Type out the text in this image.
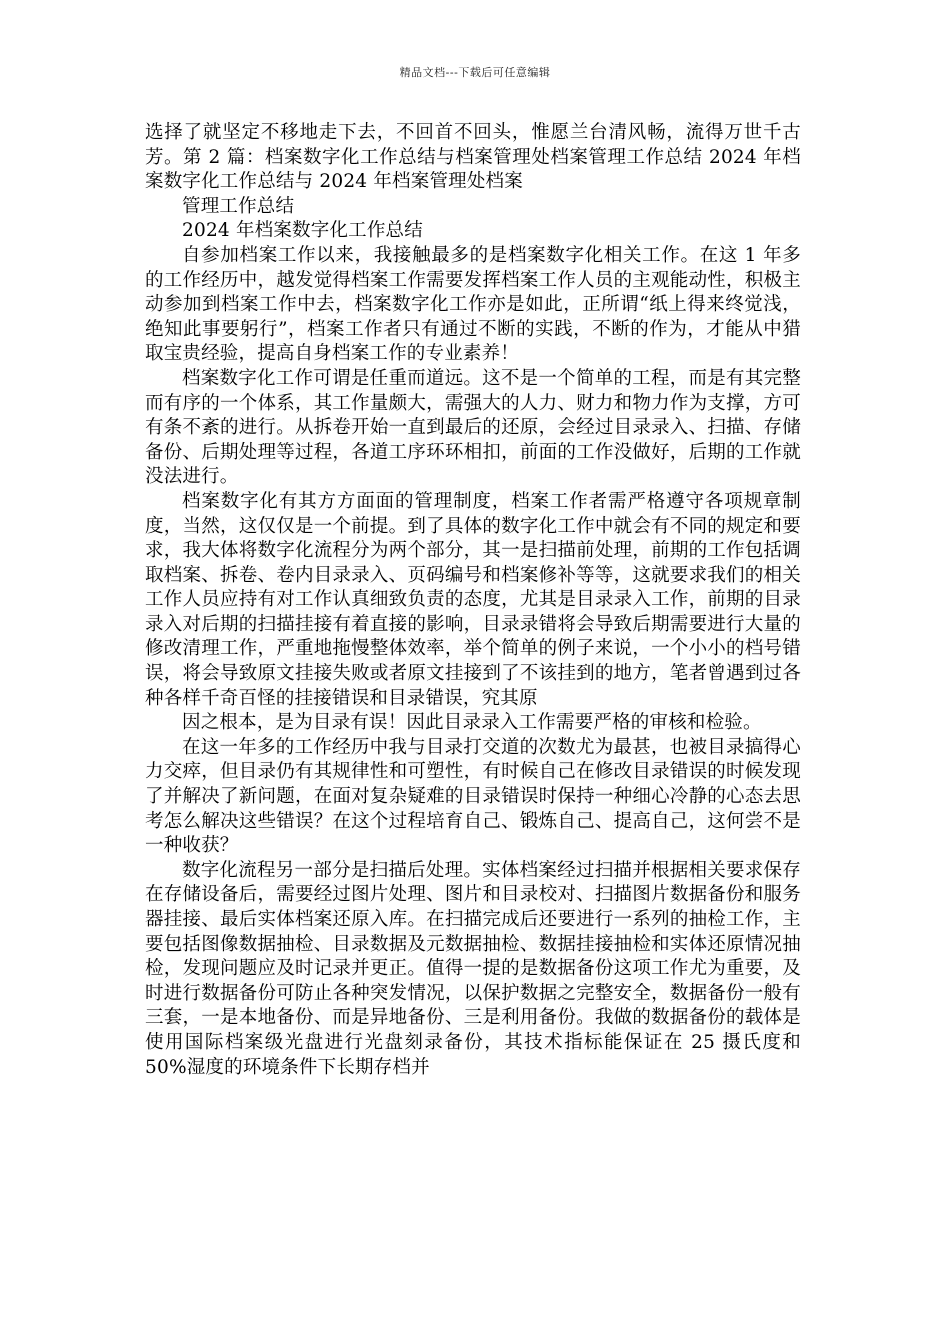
精品文档---下载后可任意编辑

选择了就坚定不移地走下去，不回首不回头，惟愿兰台清风畅，流得万世千古芳。第 2 篇：档案数字化工作总结与档案管理处档案管理工作总结 2024 年档案数字化工作总结与 2024 年档案管理处档案

管理工作总结

2024 年档案数字化工作总结

自参加档案工作以来，我接触最多的是档案数字化相关工作。在这 1 年多的工作经历中，越发觉得档案工作需要发挥档案工作人员的主观能动性，积极主动参加到档案工作中去，档案数字化工作亦是如此，正所谓“纸上得来终觉浅，绝知此事要躬行”，档案工作者只有通过不断的实践，不断的作为，才能从中猎取宝贵经验，提高自身档案工作的专业素养！

档案数字化工作可谓是任重而道远。这不是一个简单的工程，而是有其完整而有序的一个体系，其工作量颇大，需强大的人力、财力和物力作为支撑，方可有条不紊的进行。从拆卷开始一直到最后的还原，会经过目录录入、扫描、存储备份、后期处理等过程，各道工序环环相扣，前面的工作没做好，后期的工作就没法进行。

档案数字化有其方方面面的管理制度，档案工作者需严格遵守各项规章制度，当然，这仅仅是一个前提。到了具体的数字化工作中就会有不同的规定和要求，我大体将数字化流程分为两个部分，其一是扫描前处理，前期的工作包括调取档案、拆卷、卷内目录录入、页码编号和档案修补等等，这就要求我们的相关工作人员应持有对工作认真细致负责的态度，尤其是目录录入工作，前期的目录录入对后期的扫描挂接有着直接的影响，目录录错将会导致后期需要进行大量的修改清理工作，严重地拖慢整体效率，举个简单的例子来说，一个小小的档号错误，将会导致原文挂接失败或者原文挂接到了不该挂到的地方，笔者曾遇到过各种各样千奇百怪的挂接错误和目录错误，究其原

因之根本，是为目录有误！因此目录录入工作需要严格的审核和检验。

在这一年多的工作经历中我与目录打交道的次数尤为最甚，也被目录搞得心力交瘁，但目录仍有其规律性和可塑性，有时候自己在修改目录错误的时候发现了并解决了新问题，在面对复杂疑难的目录错误时保持一种细心冷静的心态去思考怎么解决这些错误？在这个过程培育自己、锻炼自己、提高自己，这何尝不是一种收获？

数字化流程另一部分是扫描后处理。实体档案经过扫描并根据相关要求保存在存储设备后，需要经过图片处理、图片和目录校对、扫描图片数据备份和服务器挂接、最后实体档案还原入库。在扫描完成后还要进行一系列的抽检工作，主要包括图像数据抽检、目录数据及元数据抽检、数据挂接抽检和实体还原情况抽检，发现问题应及时记录并更正。值得一提的是数据备份这项工作尤为重要，及时进行数据备份可防止各种突发情况，以保护数据之完整安全，数据备份一般有三套，一是本地备份、而是异地备份、三是利用备份。我做的数据备份的载体是使用国际档案级光盘进行光盘刻录备份，其技术指标能保证在 25 摄氏度和 50%湿度的环境条件下长期存档并
